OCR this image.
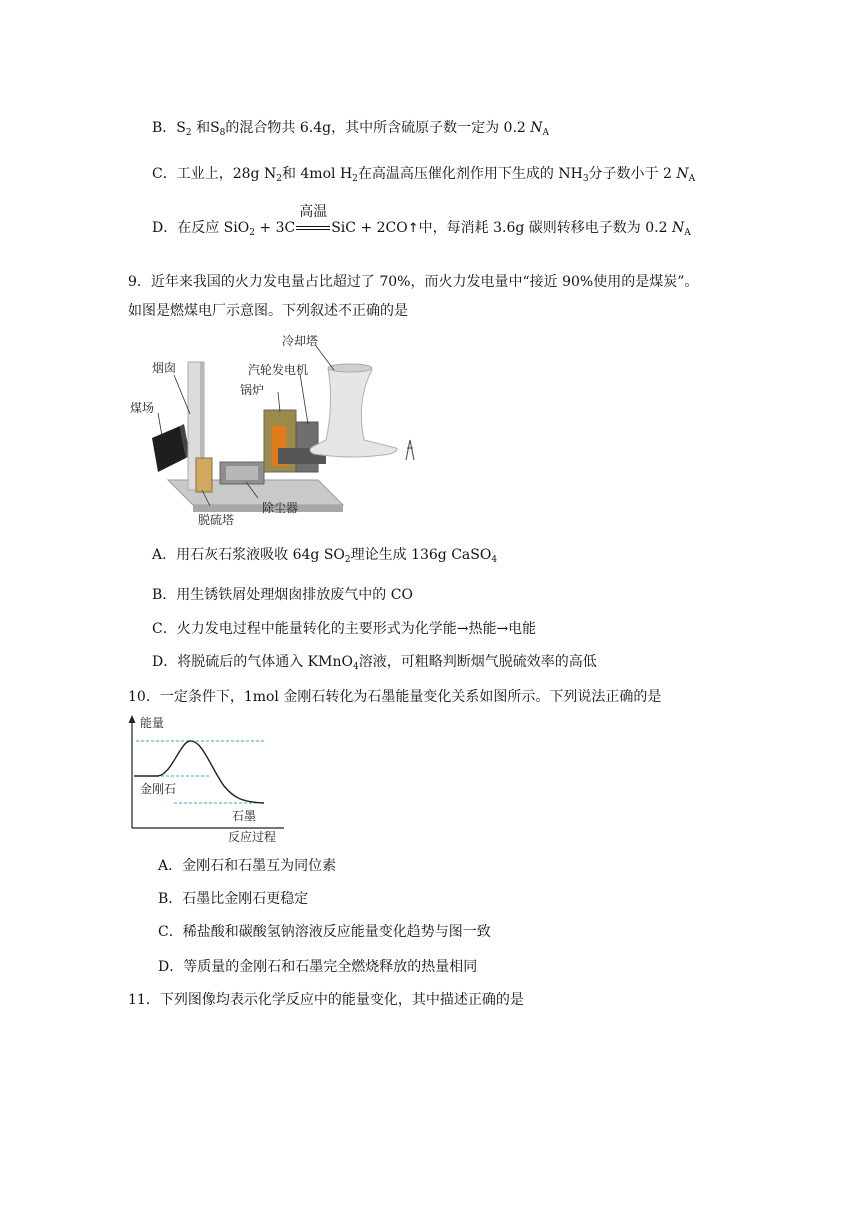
B．$S_2$ 和$S_8$的混合物共 6.4g，其中所含硫原子数一定为 0.2 $N_A$
C．工业上，28g $N_2$和 4mol $H_2$在高温高压催化剂作用下生成的 $NH_3$分子数小于 2 $N_A$
D．在反应 SiO$_2$ + 3C
高温
SiC + 2CO↑中，每消耗 3.6g 碳则转移电子数为 0.2 $N_A$
9．近年来我国的火力发电量占比超过了 70%，而火力发电量中“接近 90%使用的是煤炭”。
如图是燃煤电厂示意图。下列叙述不正确的是
烟囱
煤场
脱硫塔
除尘器
汽轮发电机
锅炉
冷却塔
A．用石灰石浆液吸收 64g $SO_2$理论生成 136g CaSO$_4$
B．用生锈铁屑处理烟囱排放废气中的 CO
C．火力发电过程中能量转化的主要形式为化学能→热能→电能
D．将脱硫后的气体通入 KMnO$_4$溶液，可粗略判断烟气脱硫效率的高低
10．一定条件下，1mol 金刚石转化为石墨能量变化关系如图所示。下列说法正确的是
能量
金刚石
石墨
反应过程
A．金刚石和石墨互为同位素
B．石墨比金刚石更稳定
C．稀盐酸和碳酸氢钠溶液反应能量变化趋势与图一致
D．等质量的金刚石和石墨完全燃烧释放的热量相同
11．下列图像均表示化学反应中的能量变化，其中描述正确的是
